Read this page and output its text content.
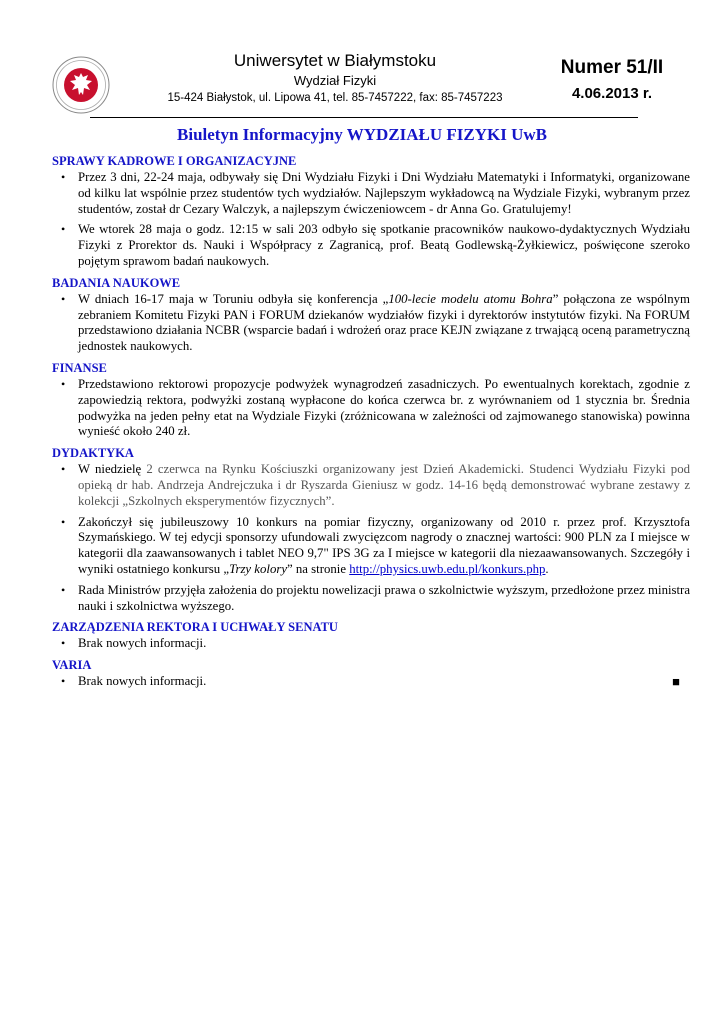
Uniwersytet w Białymstoku
Wydział Fizyki
15-424 Białystok, ul. Lipowa 41, tel. 85-7457222, fax: 85-7457223
Numer 51/II
4.06.2013 r.
Biuletyn Informacyjny WYDZIAŁU FIZYKI UwB
SPRAWY KADROWE I ORGANIZACYJNE
• Przez 3 dni, 22-24 maja, odbywały się Dni Wydziału Fizyki i Dni Wydziału Matematyki i Informatyki, organizowane od kilku lat wspólnie przez studentów tych wydziałów. Najlepszym wykładowcą na Wydziale Fizyki, wybranym przez studentów, został dr Cezary Walczyk, a najlepszym ćwiczeniowcem - dr Anna Go. Gratulujemy!
• We wtorek 28 maja o godz. 12:15 w sali 203 odbyło się spotkanie pracowników naukowo-dydaktycznych Wydziału Fizyki z Prorektor ds. Nauki i Współpracy z Zagranicą, prof. Beatą Godlewską-Żyłkiewicz, poświęcone szeroko pojętym sprawom badań naukowych.
BADANIA NAUKOWE
• W dniach 16-17 maja w Toruniu odbyła się konferencja „100-lecie modelu atomu Bohra” połączona ze wspólnym zebraniem Komitetu Fizyki PAN i FORUM dziekanów wydziałów fizyki i dyrektorów instytutów fizyki. Na FORUM przedstawiono działania NCBR (wsparcie badań i wdrożeń oraz prace KEJN związane z trwającą oceną parametryczną jednostek naukowych.
FINANSE
• Przedstawiono rektorowi propozycje podwyżek wynagrodzeń zasadniczych. Po ewentualnych korektach, zgodnie z zapowiedzią rektora, podwyżki zostaną wypłacone do końca czerwca br. z wyrównaniem od 1 stycznia br. Średnia podwyżka na jeden pełny etat na Wydziale Fizyki (zróżnicowana w zależności od zajmowanego stanowiska) powinna wynieść około 240 zł.
DYDAKTYKA
• W niedzielę 2 czerwca na Rynku Kościuszki organizowany jest Dzień Akademicki. Studenci Wydziału Fizyki pod opieką dr hab. Andrzeja Andrejczuka i dr Ryszarda Gieniusz w godz. 14-16 będą demonstrować wybrane zestawy z kolekcji „Szkolnych eksperymentów fizycznych”.
• Zakończył się jubileuszowy 10 konkurs na pomiar fizyczny, organizowany od 2010 r. przez prof. Krzysztofa Szymańskiego. W tej edycji sponsorzy ufundowali zwycięzcom nagrody o znacznej wartości: 900 PLN za I miejsce w kategorii dla zaawansowanych i tablet NEO 9,7" IPS 3G za I miejsce w kategorii dla niezaawansowanych. Szczegóły i wyniki ostatniego konkursu „Trzy kolory” na stronie http://physics.uwb.edu.pl/konkurs.php.
• Rada Ministrów przyjęła założenia do projektu nowelizacji prawa o szkolnictwie wyższym, przedłożone przez ministra nauki i szkolnictwa wyższego.
ZARZĄDZENIA REKTORA I UCHWAŁY SENATU
• Brak nowych informacji.
VARIA
• Brak nowych informacji.	■
